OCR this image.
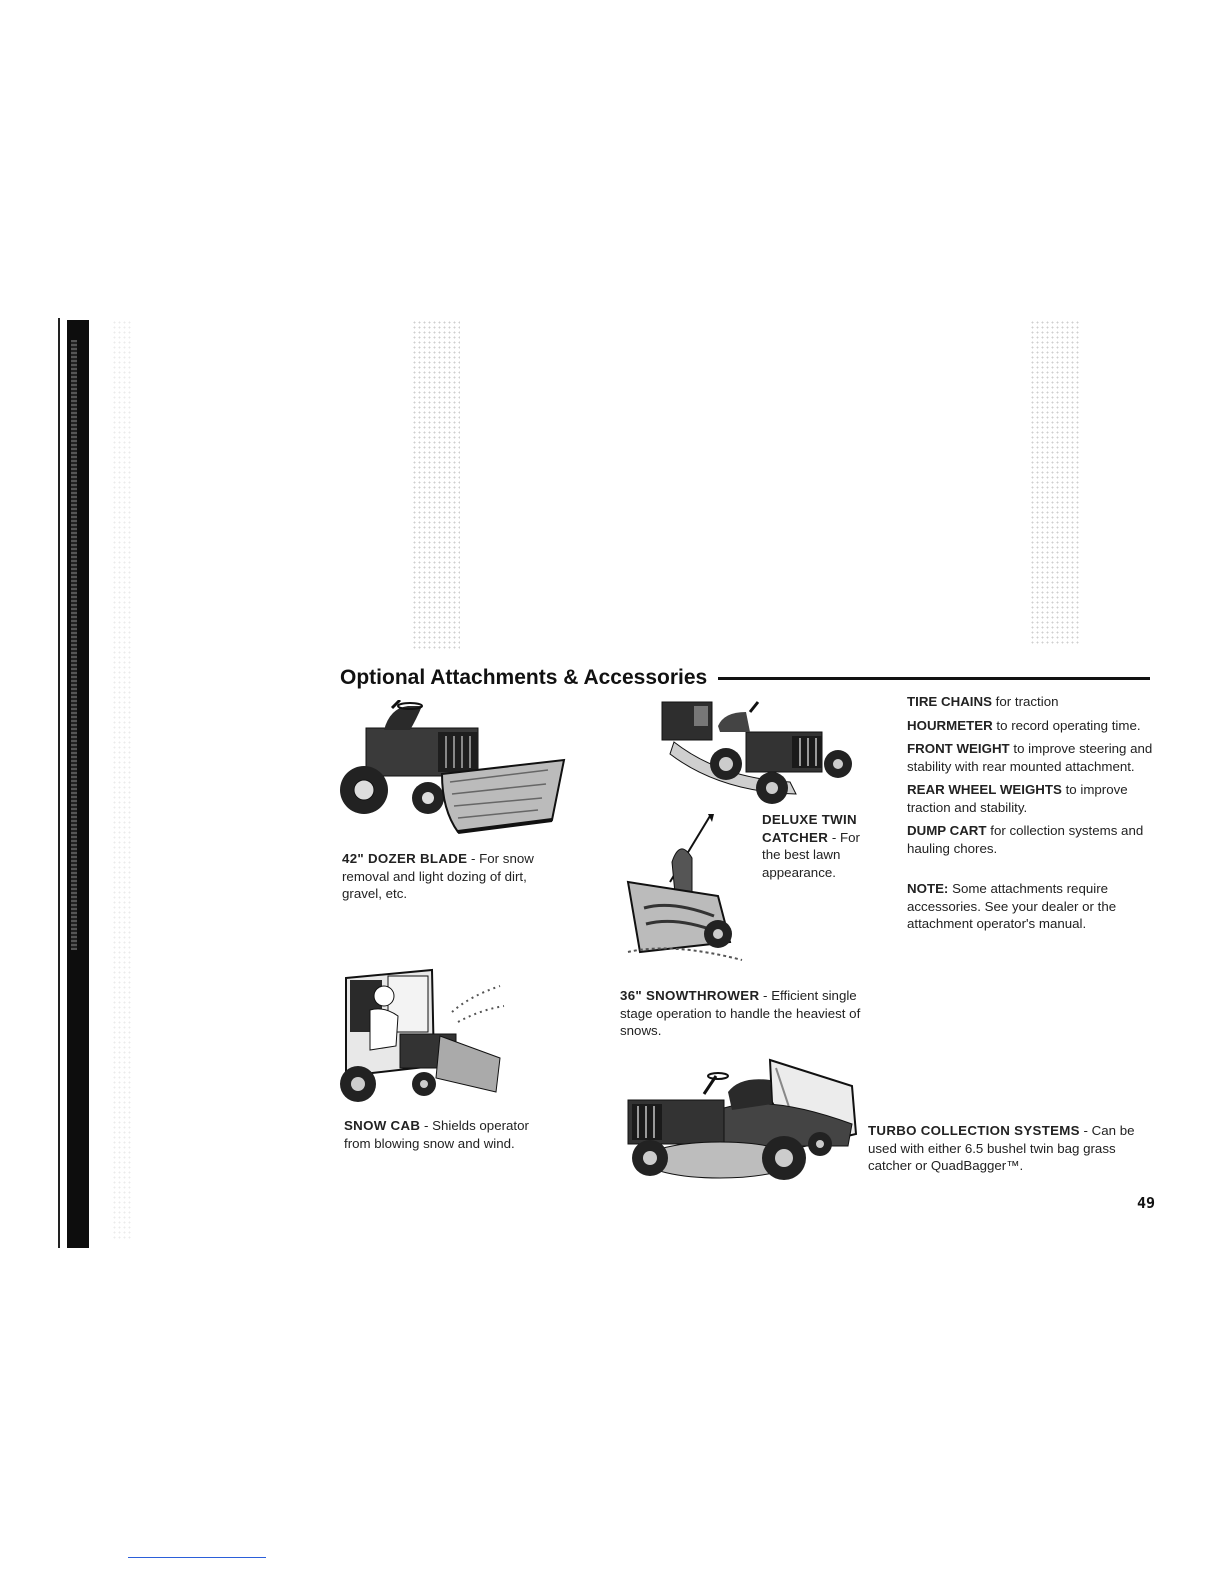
Optional Attachments & Accessories
42" DOZER BLADE - For snow removal and light dozing of dirt, gravel, etc.
DELUXE TWIN CATCHER - For the best lawn appearance.
36" SNOWTHROWER - Efficient single stage operation to handle the heaviest of snows.
SNOW CAB - Shields operator from blowing snow and wind.
TURBO COLLECTION SYSTEMS - Can be used with either 6.5 bushel twin bag grass catcher or QuadBagger™.
TIRE CHAINS for traction
HOURMETER to record operating time.
FRONT WEIGHT to improve steering and stability with rear mounted attachment.
REAR WHEEL WEIGHTS to improve traction and stability.
DUMP CART for collection systems and hauling chores.
NOTE: Some attachments require accessories. See your dealer or the attachment operator's manual.
49
